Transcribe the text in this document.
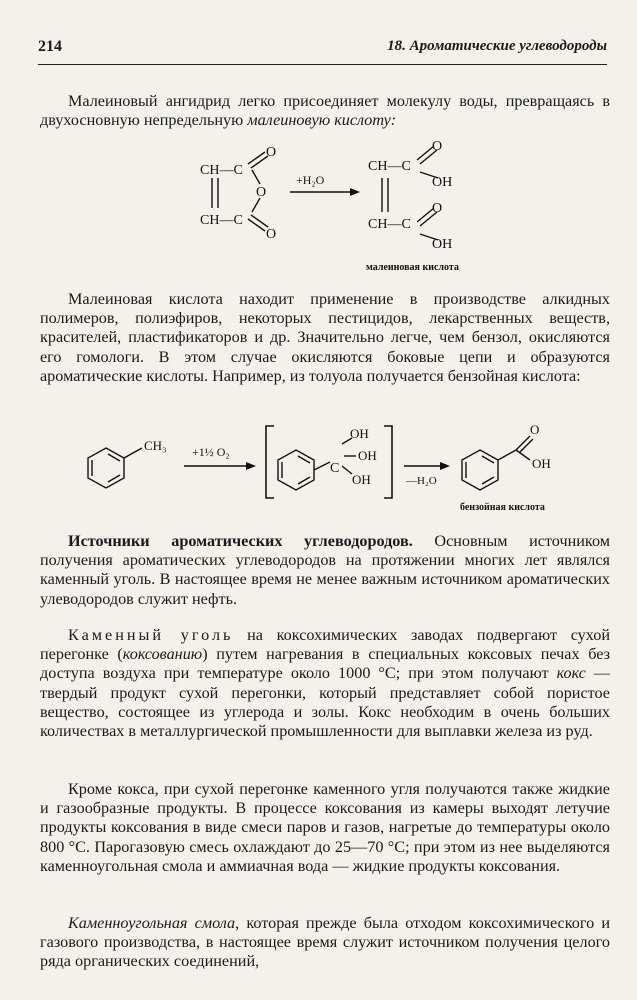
214	18. Ароматические углеводороды
Малеиновый ангидрид легко присоединяет молекулу воды, превращаясь в двухосновную непредельную малеиновую кислоту:
CH—C
CH—C
O
O
O
+H₂O
CH—C
CH—C
O
OH
O
OH
малеиновая кислота
Малеиновая кислота находит применение в производстве алкидных полимеров, полиэфиров, некоторых пестицидов, лекарственных веществ, красителей, пластификаторов и др. Значительно легче, чем бензол, окисляются его гомологи. В этом случае окисляются боковые цепи и образуются ароматические кислоты. Например, из толуола получается бензойная кислота:
CH₃ +1½ O₂
C
OH
OH
OH	—H₂O
O
OH
бензойная кислота
Источники ароматических углеводородов. Основным источником получения ароматических углеводородов на протяжении многих лет являлся каменный уголь. В настоящее время не менее важным источником ароматических улеводородов служит нефть.
Каменный уголь на коксохимических заводах подвергают сухой перегонке (коксованию) путем нагревания в специальных коксовых печах без доступа воздуха при температуре около 1000 °С; при этом получают кокс — твердый продукт сухой перегонки, который представляет собой пористое вещество, состоящее из углерода и золы. Кокс необходим в очень больших количествах в металлургической промышленности для выплавки железа из руд.
Кроме кокса, при сухой перегонке каменного угля получаются также жидкие и газообразные продукты. В процессе коксования из камеры выходят летучие продукты коксования в виде смеси паров и газов, нагретые до температуры около 800 °С. Парогазовую смесь охлаждают до 25—70 °С; при этом из нее выделяются каменноугольная смола и аммиачная вода — жидкие продукты коксования.
Каменноугольная смола, которая прежде была отходом коксохимического и газового производства, в настоящее время служит источником получения целого ряда органических соединений,
